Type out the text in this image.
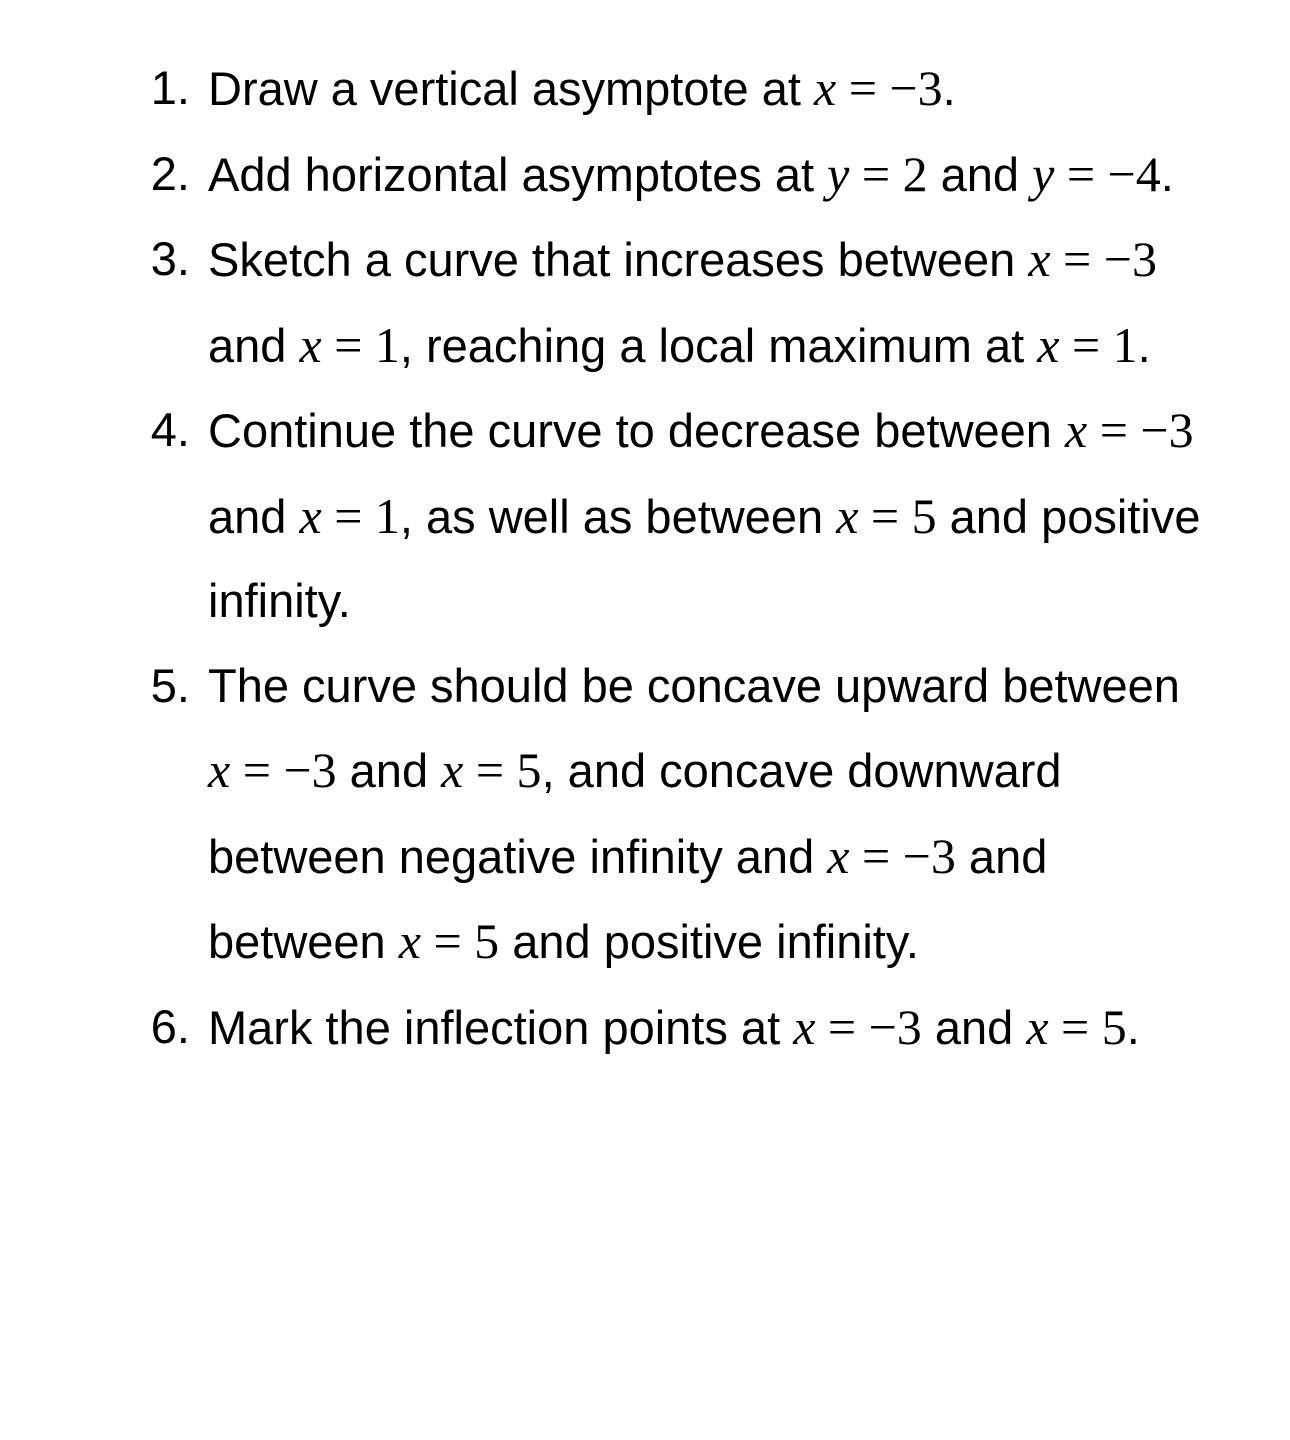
1. Draw a vertical asymptote at x = −3.
2. Add horizontal asymptotes at y = 2 and y = −4.
3. Sketch a curve that increases between x = −3 and x = 1, reaching a local maximum at x = 1.
4. Continue the curve to decrease between x = −3 and x = 1, as well as between x = 5 and positive infinity.
5. The curve should be concave upward between x = −3 and x = 5, and concave downward between negative infinity and x = −3 and between x = 5 and positive infinity.
6. Mark the inflection points at x = −3 and x = 5.
